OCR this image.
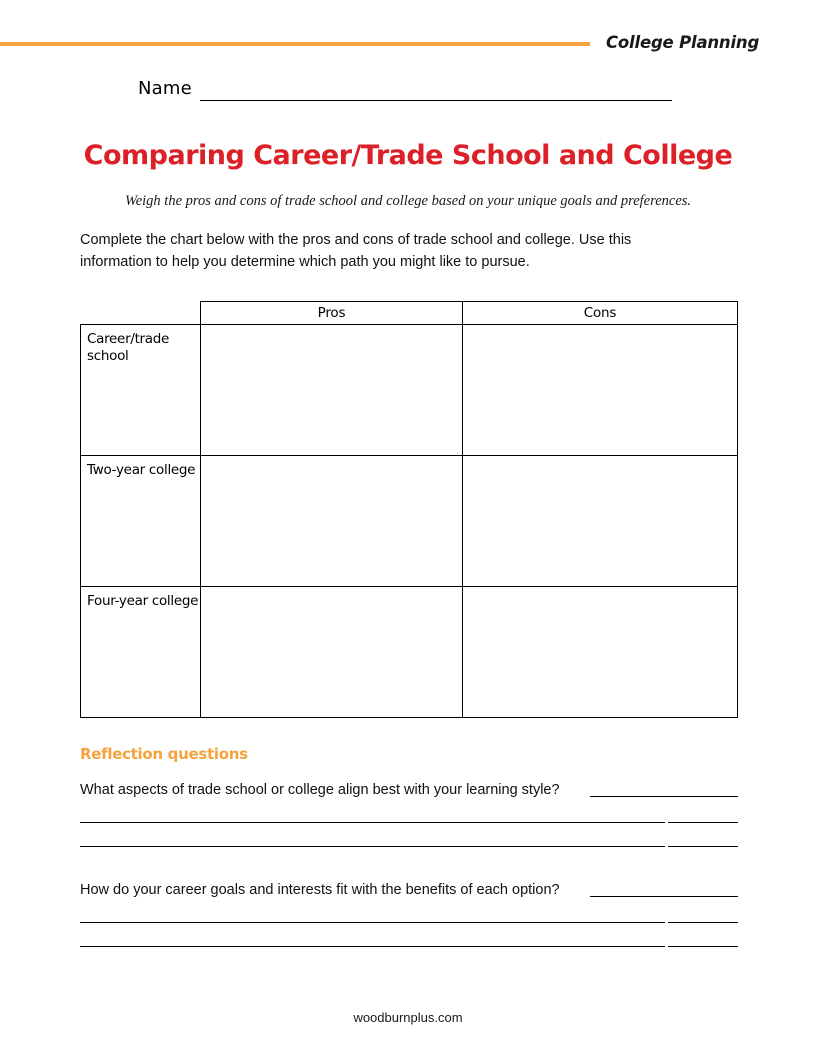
College Planning
Name
Comparing Career/Trade School and College
Weigh the pros and cons of trade school and college based on your unique goals and preferences.
Complete the chart below with the pros and cons of trade school and college. Use this information to help you determine which path you might like to pursue.
	Pros	Cons
Career/trade school		
Two-year college		
Four-year college		
Reflection questions
What aspects of trade school or college align best with your learning style?
How do your career goals and interests fit with the benefits of each option?
woodburnplus.com
